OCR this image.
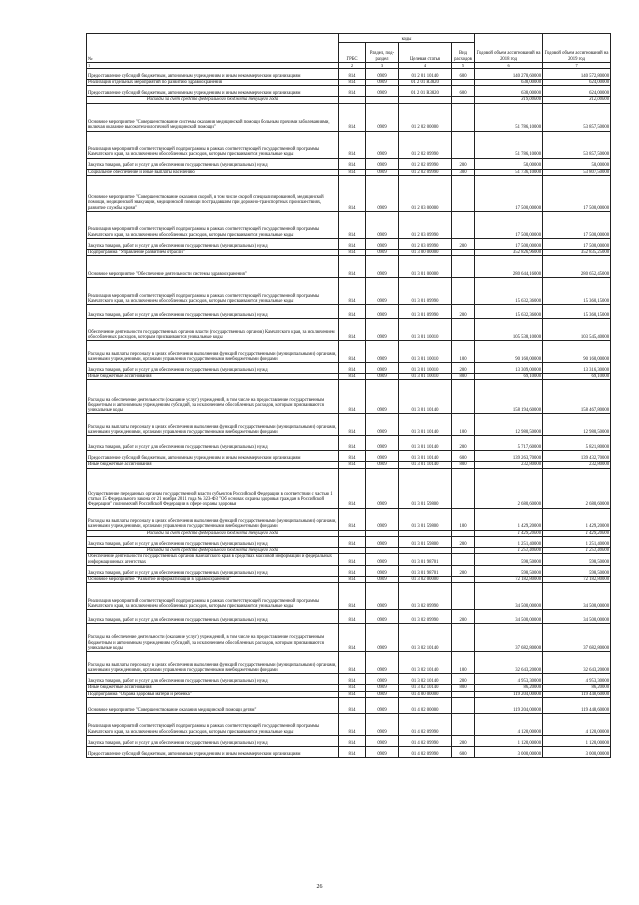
№	коды				Годовой объем ассигнований на 2018 год	Годовой объем ассигнований на 2019 год
	ГРБС	Раздел, под-раздел	Целевая статья	Вид расходов		
1	2	3	4	5	6	7
Предоставление субсидий бюджетным, автономным учреждениям и иным некоммерческим организациям	814	0909	01 2 01 10140	600	140 278,60000	140 572,80000
Реализация отдельных мероприятий по развитию здравоохранения	814	0909	01 2 01 R3820		638,00000	624,00000
Предоставление субсидий бюджетным, автономным учреждениям и иным некоммерческим организациям	814	0909	01 2 01 R3820	600	638,00000	624,00000
Расходы за счет средств федерального бюджета текущего года					319,00000	312,00000
Основное мероприятие "Совершенствование системы оказания медицинской помощи больным прочими заболеваниями, включая оказание высокотехнологичной медицинской помощи"	814	0909	01 2 02 00000		51 786,10000	53 857,50000
Реализация мероприятий соответствующей подпрограммы в рамках соответствующей государственной программы Камчатского края, за исключением обособленных расходов, которым присваиваются уникальные коды	814	0909	01 2 02 09990		51 786,10000	53 857,50000
Закупка товаров, работ и услуг для обеспечения государственных (муниципальных) нужд	814	0909	01 2 02 09990	200	50,00000	50,00000
Социальное обеспечение и иные выплаты населению	814	0909	01 2 02 09990	300	51 736,10000	53 807,50000
Основное мероприятие "Совершенствование оказания скорой, в том числе скорой специализированной, медицинской помощи, медицинской эвакуации, медицинской помощи пострадавшим при дорожно-транспортных происшествиях, развитие службы крови"	814	0909	01 2 03 00000		17 500,00000	17 500,00000
Реализация мероприятий соответствующей подпрограммы в рамках соответствующей государственной программы Камчатского края, за исключением обособленных расходов, которым присваиваются уникальные коды	814	0909	01 2 03 09990		17 500,00000	17 500,00000
Закупка товаров, работ и услуг для обеспечения государственных (муниципальных) нужд	814	0909	01 2 03 09990	200	17 500,00000	17 500,00000
Подпрограмма "Управление развитием отрасли"	814	0909	01 3 00 00000		352 826,96000	352 835,25000
Основное мероприятие "Обеспечение деятельности системы здравоохранения"	814	0909	01 3 01 00000		280 644,16000	280 652,45000
Реализация мероприятий соответствующей подпрограммы в рамках соответствующей государственной программы Камчатского края, за исключением обособленных расходов, которым присваиваются уникальные коды	814	0909	01 3 01 09990		15 632,36000	15 360,15000
Закупка товаров, работ и услуг для обеспечения государственных (муниципальных) нужд	814	0909	01 3 01 09990	200	15 632,36000	15 360,15000
Обеспечение деятельности государственных органов власти (государственных органов) Камчатского края, за исключением обособленных расходов, которым присваиваются уникальные коды	814	0909	01 3 01 10010		105 538,10000	103 545,40000
Расходы на выплаты персоналу в целях обеспечения выполнения функций государственными (муниципальными) органами, казенными учреждениями, органами управления государственными внебюджетными фондами	814	0909	01 3 01 10010	100	90 160,00000	90 160,00000
Закупка товаров, работ и услуг для обеспечения государственных (муниципальных) нужд	814	0909	01 3 01 10010	200	13 309,00000	13 316,30000
Иные бюджетные ассигнования	814	0909	01 3 01 10010	800	69,10000	69,10000
Расходы на обеспечение деятельности (оказание услуг) учреждений, в том числе на предоставление государственным бюджетным и автономным учреждениям субсидий, за исключением обособленных расходов, которым присваиваются уникальные коды	814	0909	01 3 01 10140		158 194,60000	158 467,80000
Расходы на выплаты персоналу в целях обеспечения выполнения функций государственными (муниципальными) органами, казенными учреждениями, органами управления государственными внебюджетными фондами	814	0909	01 3 01 10140	100	12 980,50000	12 980,50000
Закупка товаров, работ и услуг для обеспечения государственных (муниципальных) нужд	814	0909	01 3 01 10140	200	5 717,60000	5 821,80000
Предоставление субсидий бюджетным, автономным учреждениям и иным некоммерческим организациям	814	0909	01 3 01 10140	600	139 263,70000	139 432,70000
Иные бюджетные ассигнования	814	0909	01 3 01 10140	800	232,80000	232,80000
Осуществление переданных органам государственной власти субъектов Российской Федерации в соответствии с частью 1 статьи 15 Федерального закона от 21 ноября 2011 года № 323-ФЗ "Об основах охраны здоровья граждан в Российской Федерации" полномочий Российской Федерации в сфере охраны здоровья	814	0909	01 3 01 59800		2 680,60000	2 680,60000
Расходы на выплаты персоналу в целях обеспечения выполнения функций государственными (муниципальными) органами, казенными учреждениями, органами управления государственными внебюджетными фондами	814	0909	01 3 01 59800	100	1 429,20000	1 429,20000
Расходы за счет средств федерального бюджета текущего года					1 429,20000	1 429,20000
Закупка товаров, работ и услуг для обеспечения государственных (муниципальных) нужд	814	0909	01 3 01 59800	200	1 251,40000	1 251,40000
Расходы за счет средств федерального бюджета текущего года					1 251,40000	1 251,40000
Обеспечение деятельности государственных органов Камчатского края в средствах массовой информации и федеральных информационных агентствах	814	0909	01 3 01 98701		598,50000	598,50000
Закупка товаров, работ и услуг для обеспечения государственных (муниципальных) нужд	814	0909	01 3 01 98701	200	598,50000	598,50000
Основное мероприятие "Развитие информатизации в здравоохранении"	814	0909	01 3 02 00000		72 182,80000	72 182,80000
Реализация мероприятий соответствующей подпрограммы в рамках соответствующей государственной программы Камчатского края, за исключением обособленных расходов, которым присваиваются уникальные коды	814	0909	01 3 02 09990		34 500,00000	34 500,00000
Закупка товаров, работ и услуг для обеспечения государственных (муниципальных) нужд	814	0909	01 3 02 09990	200	34 500,00000	34 500,00000
Расходы на обеспечение деятельности (оказание услуг) учреждений, в том числе на предоставление государственным бюджетным и автономным учреждениям субсидий, за исключением обособленных расходов, которым присваиваются уникальные коды	814	0909	01 3 02 10140		37 682,80000	37 682,80000
Расходы на выплаты персоналу в целях обеспечения выполнения функций государственными (муниципальными) органами, казенными учреждениями, органами управления государственными внебюджетными фондами	814	0909	01 3 02 10140	100	32 643,20000	32 643,20000
Закупка товаров, работ и услуг для обеспечения государственных (муниципальных) нужд	814	0909	01 3 02 10140	200	4 953,30000	4 953,30000
Иные бюджетные ассигнования	814	0909	01 3 02 10140	800	86,20000	86,20000
Подпрограмма "Охрана здоровья матери и ребенка"	814	0909	01 4 00 00000		119 204,00000	119 448,60000
Основное мероприятие "Совершенствование оказания медицинской помощи детям"	814	0909	01 4 02 00000		119 204,00000	119 448,60000
Реализация мероприятий соответствующей подпрограммы в рамках соответствующей государственной программы Камчатского края, за исключением обособленных расходов, которым присваиваются уникальные коды	814	0909	01 4 02 09990		4 120,00000	4 120,00000
Закупка товаров, работ и услуг для обеспечения государственных (муниципальных) нужд	814	0909	01 4 02 09990	200	1 120,00000	1 120,00000
Предоставление субсидий бюджетным, автономным учреждениям и иным некоммерческим организациям	814	0909	01 4 02 09990	600	3 000,00000	3 000,00000
26
